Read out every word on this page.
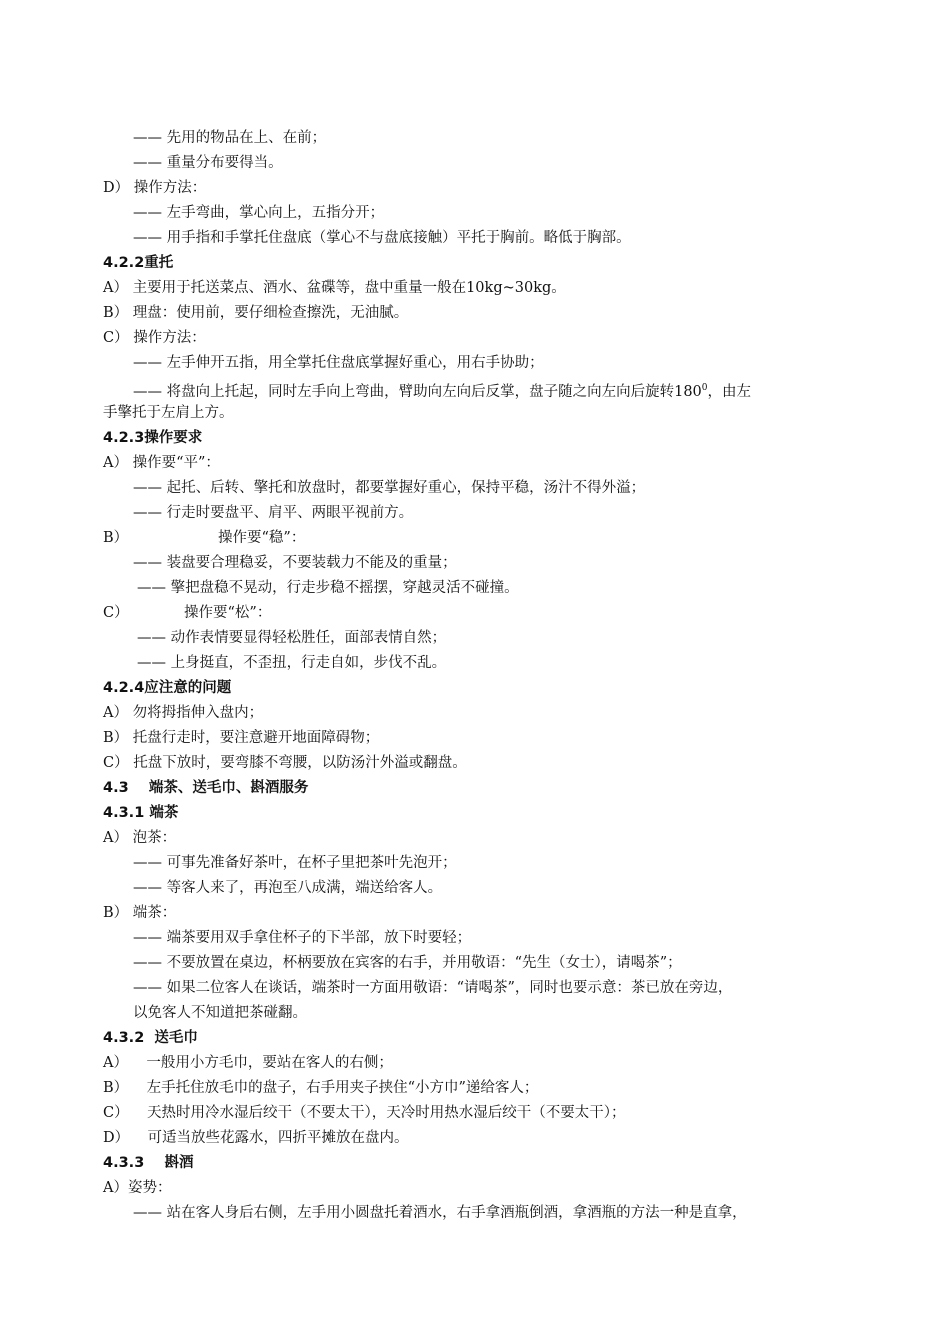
—— 先用的物品在上、在前；
—— 重量分布要得当。
D） 操作方法：
—— 左手弯曲，掌心向上，五指分开；
—— 用手指和手掌托住盘底（掌心不与盘底接触）平托于胸前。略低于胸部。
4.2.2重托
A） 主要用于托送菜点、酒水、盆碟等，盘中重量一般在10kg~30kg。
B） 理盘：使用前，要仔细检查擦洗，无油腻。
C） 操作方法：
—— 左手伸开五指，用全掌托住盘底掌握好重心，用右手协助；
—— 将盘向上托起，同时左手向上弯曲，臂助向左向后反掌，盘子随之向左向后旋转$180^0$，由左
手擎托于左肩上方。
4.2.3操作要求
A） 操作要“平”：
—— 起托、后转、擎托和放盘时，都要掌握好重心，保持平稳，汤汁不得外溢；
—— 行走时要盘平、肩平、两眼平视前方。
B）	操作要“稳”：
—— 装盘要合理稳妥，不要装载力不能及的重量；
—— 擎把盘稳不晃动，行走步稳不摇摆，穿越灵活不碰撞。
C）	操作要“松”：
—— 动作表情要显得轻松胜任，面部表情自然；
—— 上身挺直，不歪扭，行走自如，步伐不乱。
4.2.4应注意的问题
A） 勿将拇指伸入盘内；
B） 托盘行走时，要注意避开地面障碍物；
C） 托盘下放时，要弯膝不弯腰，以防汤汁外溢或翻盘。
4.3    端茶、送毛巾、斟酒服务
4.3.1 端茶
A） 泡茶：
—— 可事先准备好茶叶，在杯子里把茶叶先泡开；
—— 等客人来了，再泡至八成满，端送给客人。
B） 端茶：
—— 端茶要用双手拿住杯子的下半部，放下时要轻；
—— 不要放置在桌边，杯柄要放在宾客的右手，并用敬语：“先生（女士），请喝茶”；
—— 如果二位客人在谈话，端茶时一方面用敬语：“请喝茶”，同时也要示意：茶已放在旁边，
以免客人不知道把茶碰翻。
4.3.2  送毛巾
A）    一般用小方毛巾，要站在客人的右侧；
B）    左手托住放毛巾的盘子，右手用夹子挟住“小方巾”递给客人；
C）    天热时用冷水湿后绞干（不要太干），天冷时用热水湿后绞干（不要太干）；
D）    可适当放些花露水，四折平摊放在盘内。
4.3.3    斟酒
A）姿势：
—— 站在客人身后右侧，左手用小圆盘托着酒水，右手拿酒瓶倒酒，拿酒瓶的方法一种是直拿，
